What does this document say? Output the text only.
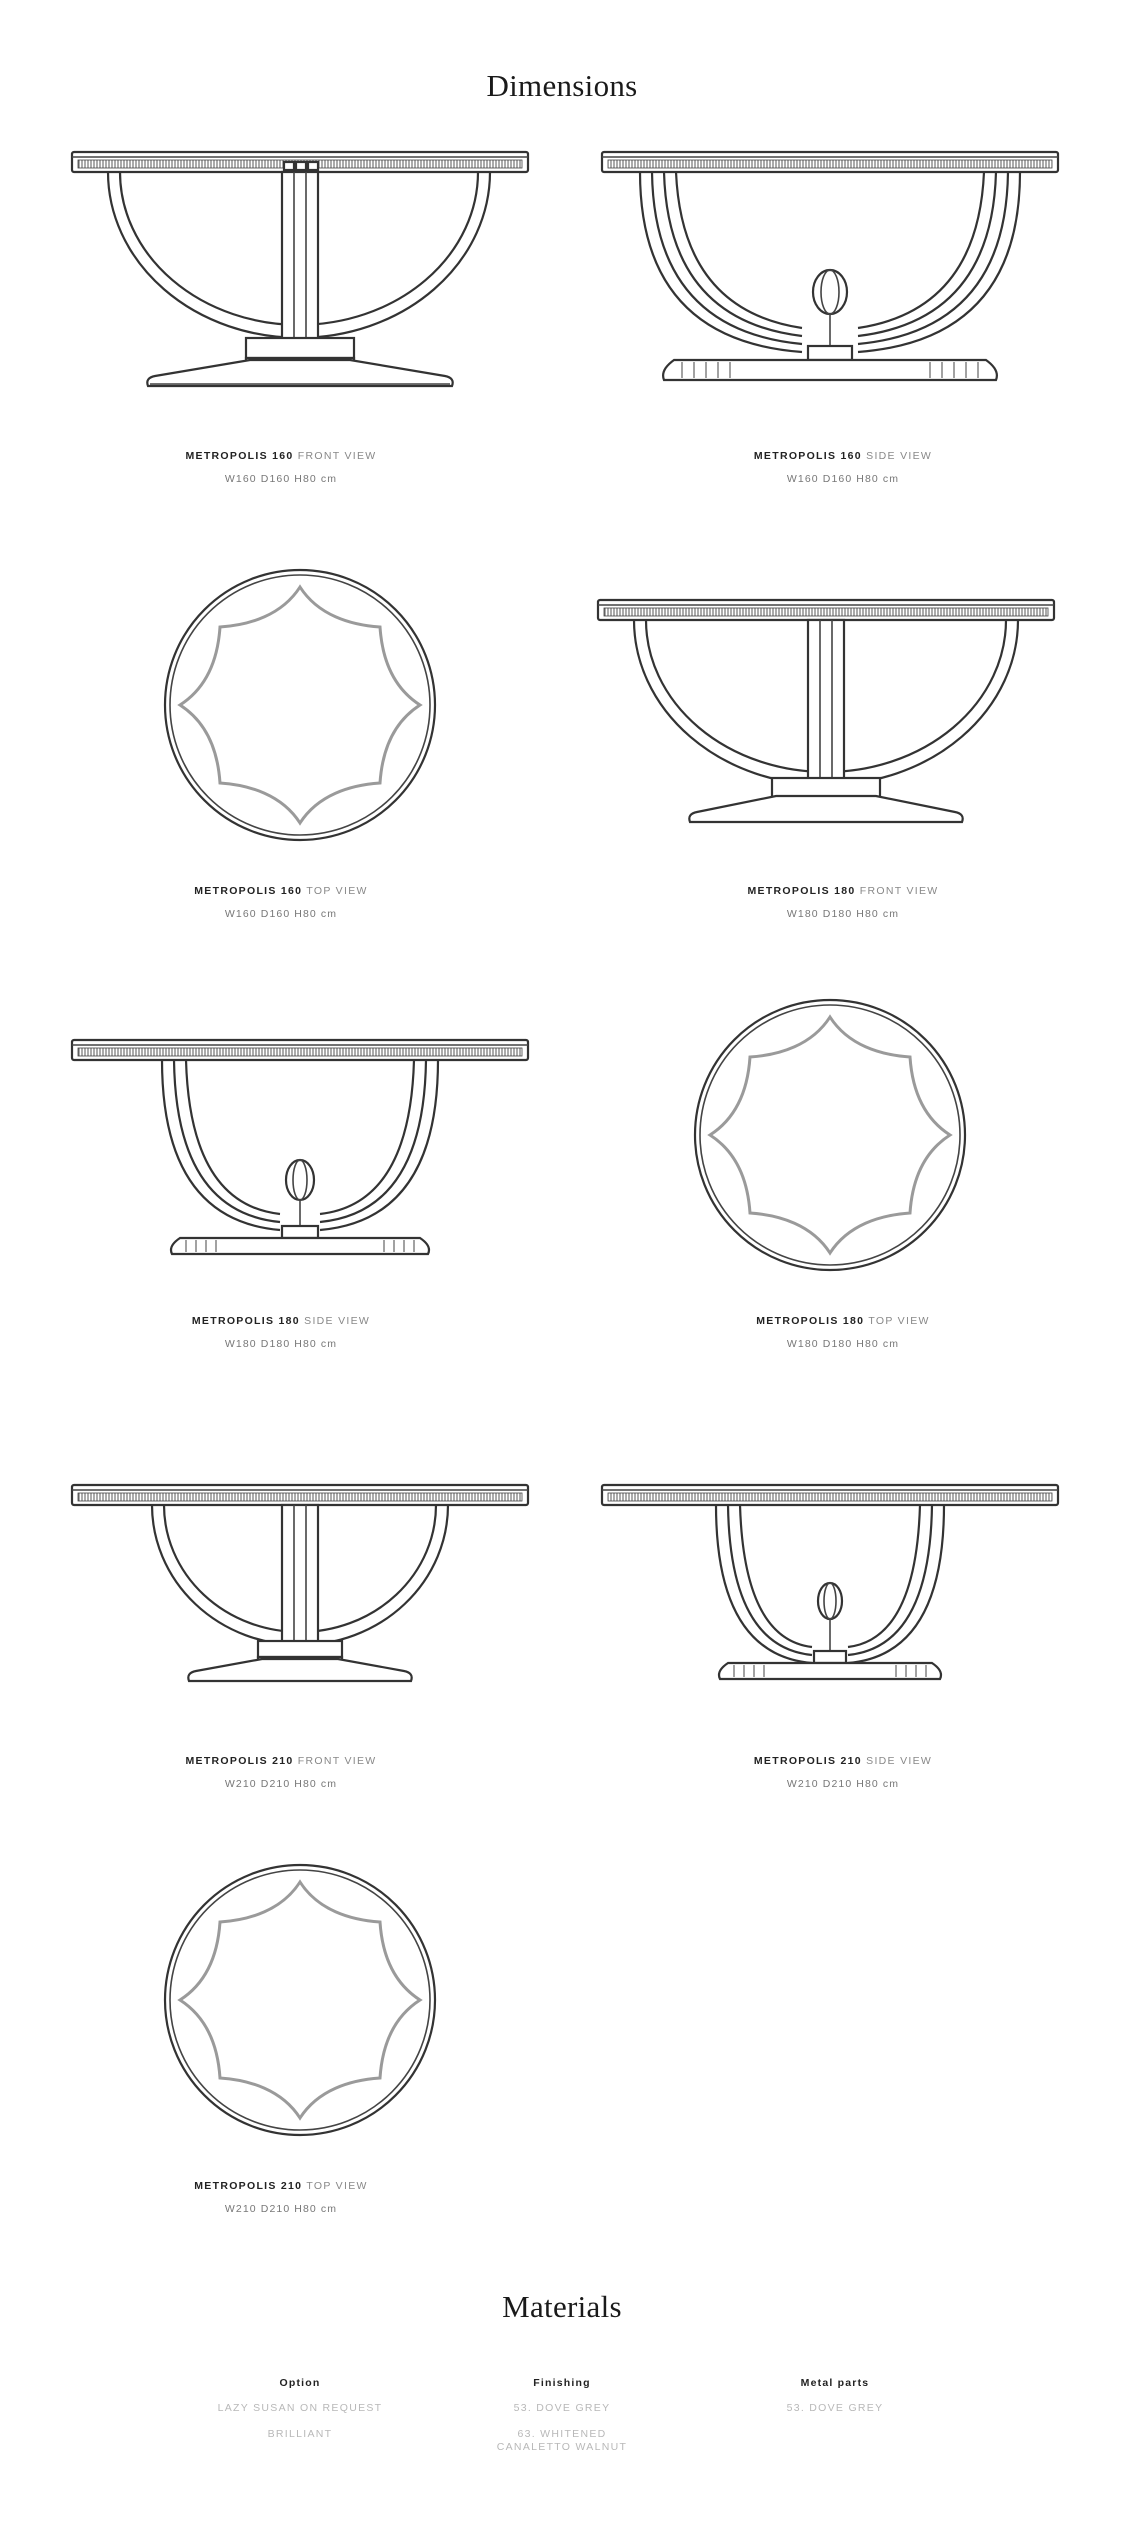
Dimensions
METROPOLIS 160 FRONT VIEW
W160 D160 H80 cm
METROPOLIS 160 SIDE VIEW
W160 D160 H80 cm
METROPOLIS 160 TOP VIEW
W160 D160 H80 cm
METROPOLIS 180 FRONT VIEW
W180 D180 H80 cm
METROPOLIS 180 SIDE VIEW
W180 D180 H80 cm
METROPOLIS 180 TOP VIEW
W180 D180 H80 cm
METROPOLIS 210 FRONT VIEW
W210 D210 H80 cm
METROPOLIS 210 SIDE VIEW
W210 D210 H80 cm
METROPOLIS 210 TOP VIEW
W210 D210 H80 cm
Materials
Option
LAZY SUSAN ON REQUEST
BRILLIANT
Finishing
53. DOVE GREY
63. WHITENED CANALETTO WALNUT
Metal parts
53. DOVE GREY
